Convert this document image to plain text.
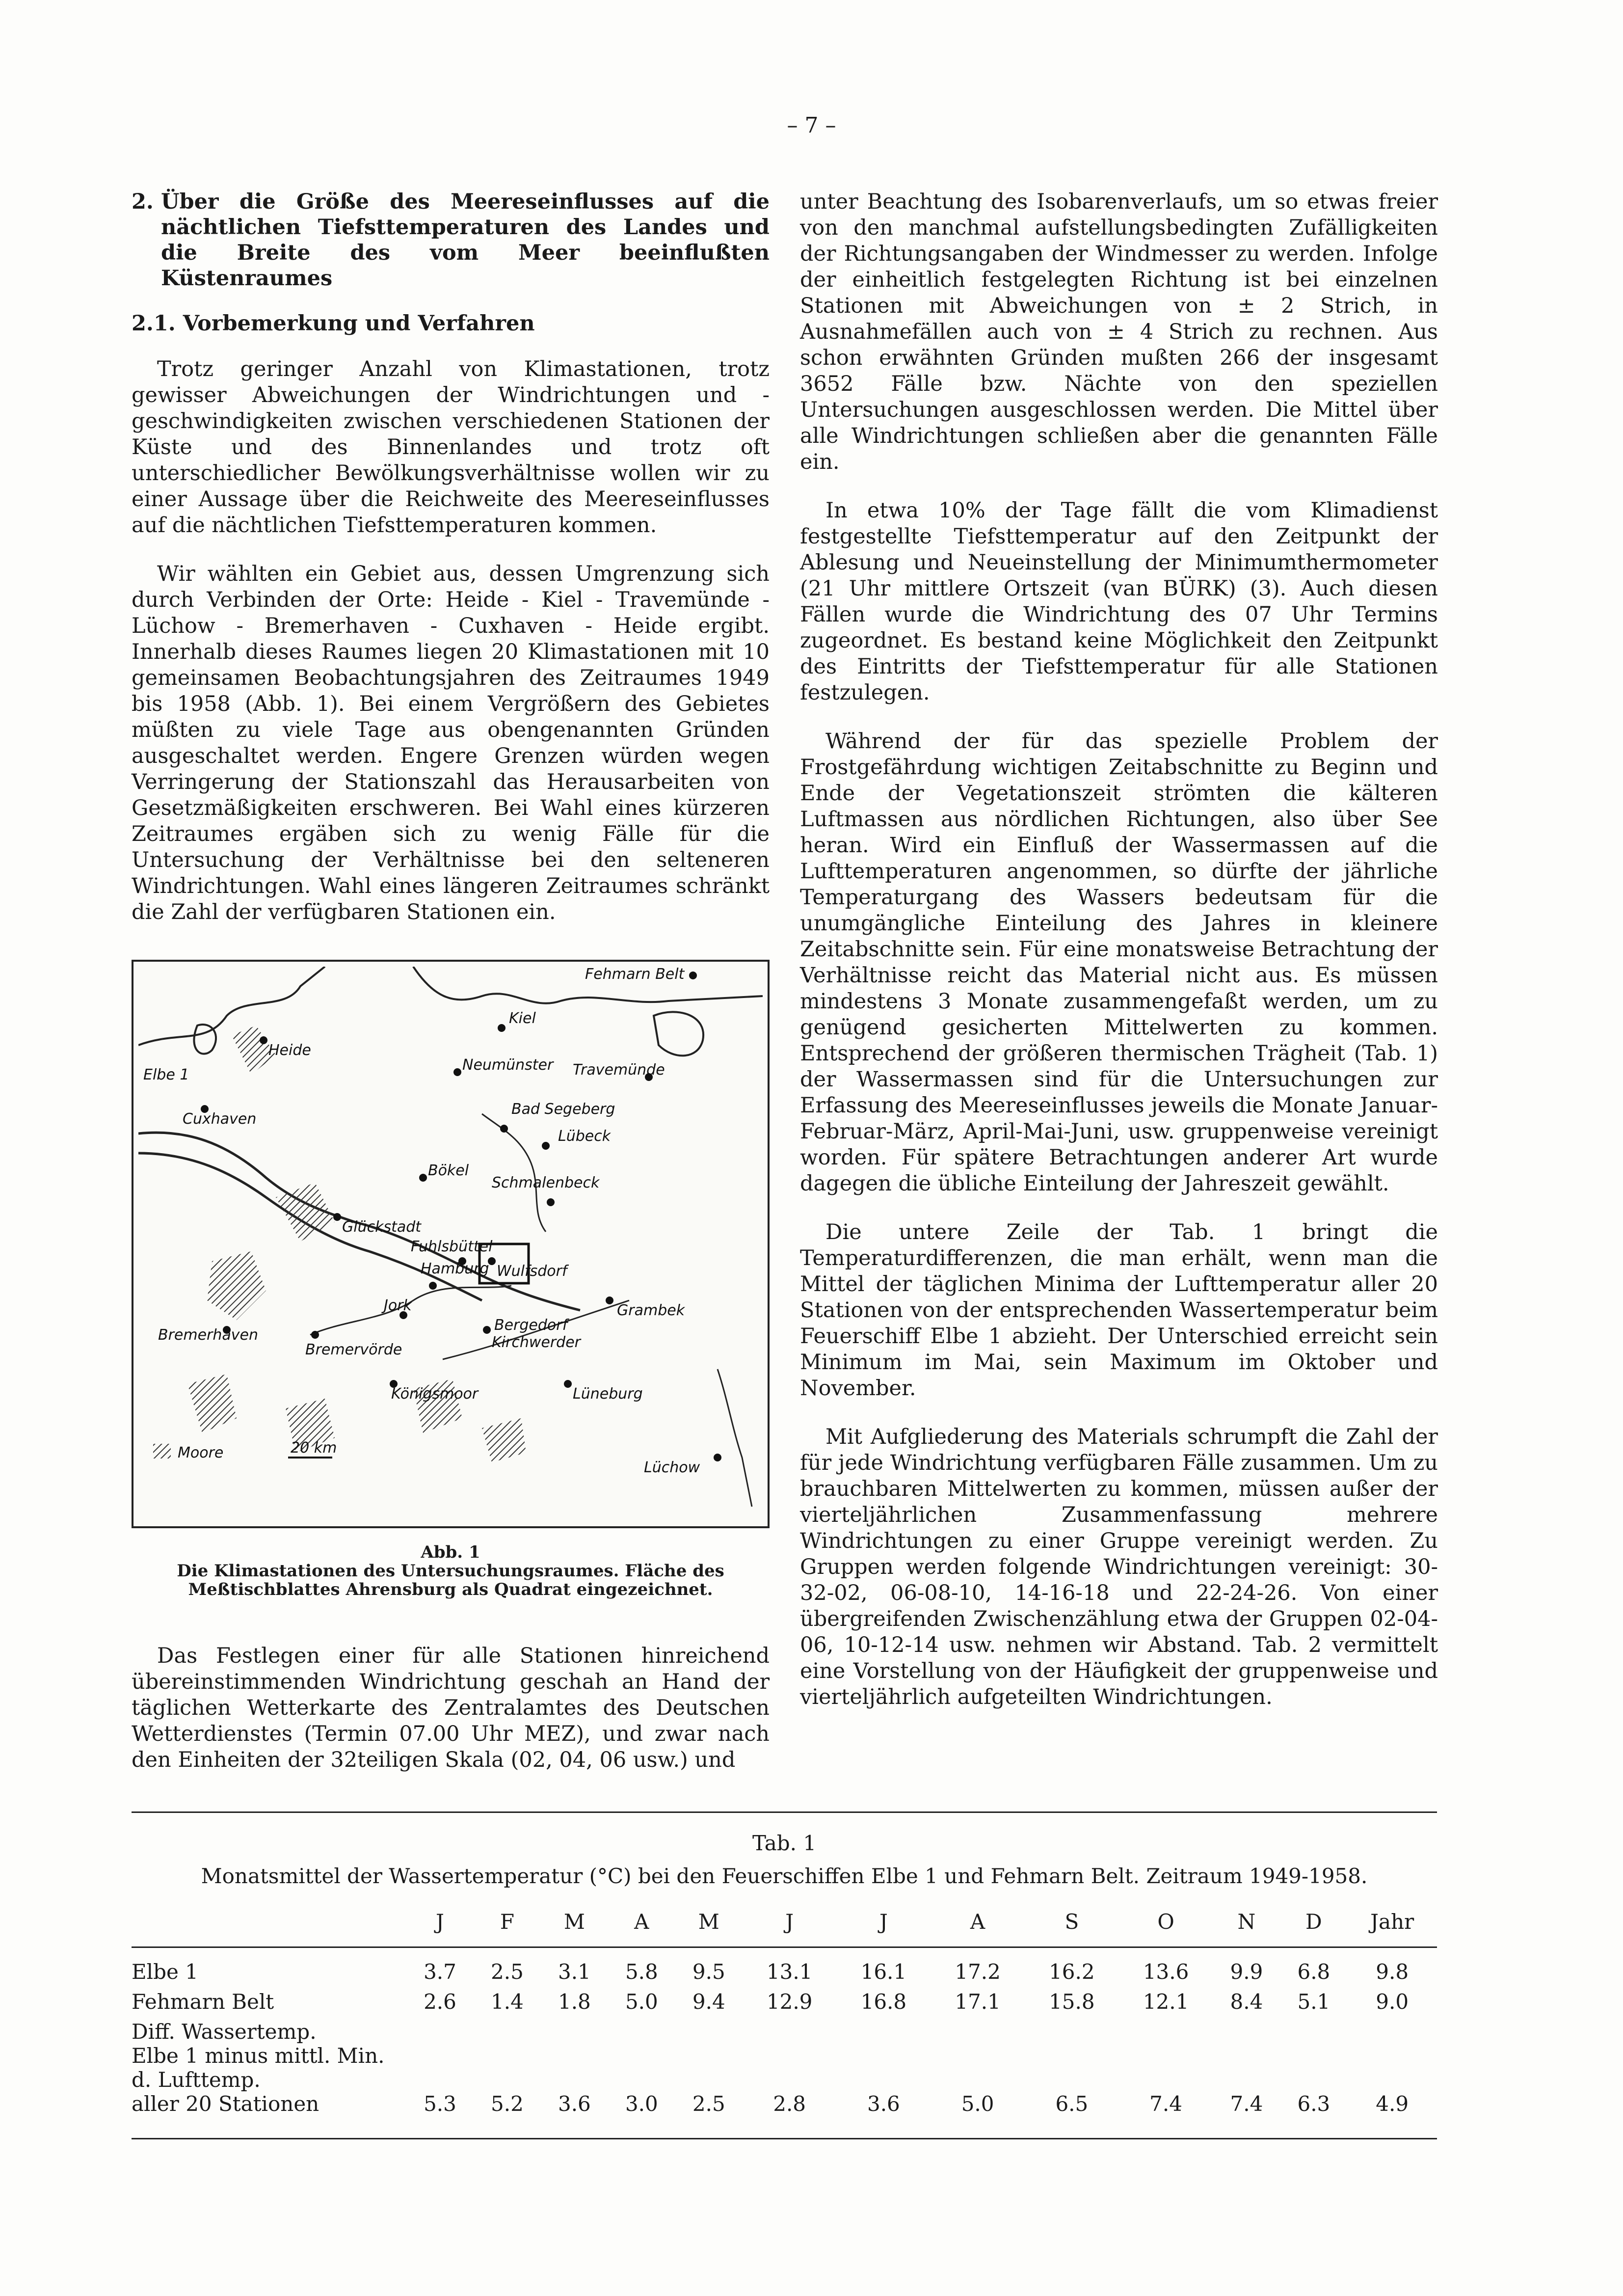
– 7 –
2. Über die Größe des Meereseinflusses auf die nächtlichen Tiefsttemperaturen des Landes und die Breite des vom Meer beeinflußten Küstenraumes
2.1. Vorbemerkung und Verfahren

Trotz geringer Anzahl von Klimastationen, trotz gewisser Abweichungen der Windrichtungen und -geschwindigkeiten zwischen verschiedenen Stationen der Küste und des Binnenlandes und trotz oft unterschiedlicher Bewölkungsverhältnisse wollen wir zu einer Aussage über die Reichweite des Meereseinflusses auf die nächtlichen Tiefsttemperaturen kommen.

Wir wählten ein Gebiet aus, dessen Umgrenzung sich durch Verbinden der Orte: Heide - Kiel - Travemünde - Lüchow - Bremerhaven - Cuxhaven - Heide ergibt. Innerhalb dieses Raumes liegen 20 Klimastationen mit 10 gemeinsamen Beobachtungsjahren des Zeitraumes 1949 bis 1958 (Abb. 1). Bei einem Vergrößern des Gebietes müßten zu viele Tage aus obengenannten Gründen ausgeschaltet werden. Engere Grenzen würden wegen Verringerung der Stationszahl das Herausarbeiten von Gesetzmäßigkeiten erschweren. Bei Wahl eines kürzeren Zeitraumes ergäben sich zu wenig Fälle für die Untersuchung der Verhältnisse bei den selteneren Windrichtungen. Wahl eines längeren Zeitraumes schränkt die Zahl der verfügbaren Stationen ein.

Fehmarn Belt
Kiel
Heide
Neumünster Travemünde
Elbe 1
Cuxhaven
Bad Segeberg
Lübeck
Bökel
Glückstadt
Schmalenbeck
Fuhlsbüttel
Wulfsdorf
Hamburg
Grambek
Jork
Bergedorf
Kirchwerder
Bremerhaven
Bremervörde
Königsmoor	Lüneburg
Moore	20 km
Lüchow
Abb. 1
Die Klimastationen des Untersuchungsraumes. Fläche des Meßtischblattes Ahrensburg als Quadrat eingezeichnet.

Das Festlegen einer für alle Stationen hinreichend übereinstimmenden Windrichtung geschah an Hand der täglichen Wetterkarte des Zentralamtes des Deutschen Wetterdienstes (Termin 07.00 Uhr MEZ), und zwar nach den Einheiten der 32teiligen Skala (02, 04, 06 usw.) und

unter Beachtung des Isobarenverlaufs, um so etwas freier von den manchmal aufstellungsbedingten Zufälligkeiten der Richtungsangaben der Windmesser zu werden. Infolge der einheitlich festgelegten Richtung ist bei einzelnen Stationen mit Abweichungen von ± 2 Strich, in Ausnahmefällen auch von ± 4 Strich zu rechnen. Aus schon erwähnten Gründen mußten 266 der insgesamt 3652 Fälle bzw. Nächte von den speziellen Untersuchungen ausgeschlossen werden. Die Mittel über alle Windrichtungen schließen aber die genannten Fälle ein.

In etwa 10% der Tage fällt die vom Klimadienst festgestellte Tiefsttemperatur auf den Zeitpunkt der Ablesung und Neueinstellung der Minimumthermometer (21 Uhr mittlere Ortszeit (van BÜRK) (3). Auch diesen Fällen wurde die Windrichtung des 07 Uhr Termins zugeordnet. Es bestand keine Möglichkeit den Zeitpunkt des Eintritts der Tiefsttemperatur für alle Stationen festzulegen.

Während der für das spezielle Problem der Frostgefährdung wichtigen Zeitabschnitte zu Beginn und Ende der Vegetationszeit strömten die kälteren Luftmassen aus nördlichen Richtungen, also über See heran. Wird ein Einfluß der Wassermassen auf die Lufttemperaturen angenommen, so dürfte der jährliche Temperaturgang des Wassers bedeutsam für die unumgängliche Einteilung des Jahres in kleinere Zeitabschnitte sein. Für eine monatsweise Betrachtung der Verhältnisse reicht das Material nicht aus. Es müssen mindestens 3 Monate zusammengefaßt werden, um zu genügend gesicherten Mittelwerten zu kommen. Entsprechend der größeren thermischen Trägheit (Tab. 1) der Wassermassen sind für die Untersuchungen zur Erfassung des Meereseinflusses jeweils die Monate Januar-Februar-März, April-Mai-Juni, usw. gruppenweise vereinigt worden. Für spätere Betrachtungen anderer Art wurde dagegen die übliche Einteilung der Jahreszeit gewählt.

Die untere Zeile der Tab. 1 bringt die Temperaturdifferenzen, die man erhält, wenn man die Mittel der täglichen Minima der Lufttemperatur aller 20 Stationen von der entsprechenden Wassertemperatur beim Feuerschiff Elbe 1 abzieht. Der Unterschied erreicht sein Minimum im Mai, sein Maximum im Oktober und November.

Mit Aufgliederung des Materials schrumpft die Zahl der für jede Windrichtung verfügbaren Fälle zusammen. Um zu brauchbaren Mittelwerten zu kommen, müssen außer der vierteljährlichen Zusammenfassung mehrere Windrichtungen zu einer Gruppe vereinigt werden. Zu Gruppen werden folgende Windrichtungen vereinigt: 30-32-02, 06-08-10, 14-16-18 und 22-24-26. Von einer übergreifenden Zwischenzählung etwa der Gruppen 02-04-06, 10-12-14 usw. nehmen wir Abstand. Tab. 2 vermittelt eine Vorstellung von der Häufigkeit der gruppenweise und vierteljährlich aufgeteilten Windrichtungen.

Tab. 1
Monatsmittel der Wassertemperatur (°C) bei den Feuerschiffen Elbe 1 und Fehmarn Belt. Zeitraum 1949-1958.
	J	F	M	A	M	J	J	A	S	O	N	D	Jahr
Elbe 1	3.7	2.5	3.1	5.8	9.5	13.1	16.1	17.2	16.2	13.6	9.9	6.8	9.8
Fehmarn Belt	2.6	1.4	1.8	5.0	9.4	12.9	16.8	17.1	15.8	12.1	8.4	5.1	9.0

Diff. Wassertemp.
Elbe 1 minus mittl. Min.
d. Lufttemp.
aller 20 Stationen	5.3	5.2	3.6	3.0	2.5	2.8	3.6	5.0	6.5	7.4	7.4	6.3	4.9
